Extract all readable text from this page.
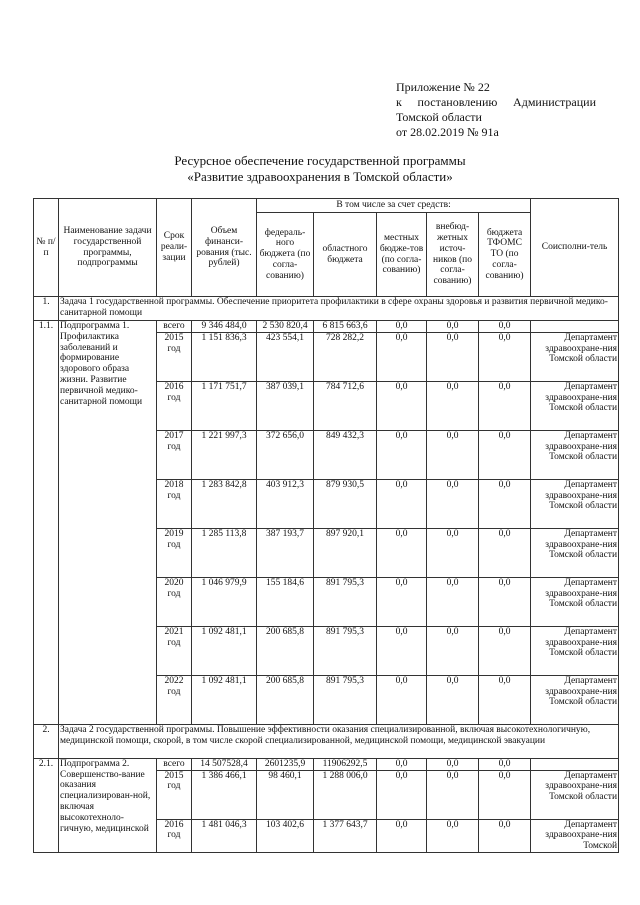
Приложение № 22
к постановлению Администрации
Томской области
от 28.02.2019 № 91а
Ресурсное обеспечение государственной программы
«Развитие здравоохранения в Томской области»
№ п/п	Наименование задачи государственной программы, подпрограммы	Срок реали-зации	Объем финанси-рования (тыс. рублей)	В том числе за счет средств:					Соисполни-тель
				федераль-ного бюджета (по согла-сованию)	областного бюджета	местных бюдже-тов (по согла-сованию)	внебюд-жетных источ-ников (по согла-сованию)	бюджета ТФОМС ТО (по согла-сованию)	
1.	Задача 1 государственной программы. Обеспечение приоритета профилактики в сфере охраны здоровья и развития первичной медико-санитарной помощи								
1.1.	Подпрограмма 1. Профилактика заболеваний и формирование здорового образа жизни. Развитие первичной медико-санитарной помощи	всего	9 346 484,0	2 530 820,4	6 815 663,6	0,0	0,0	0,0	
		2015 год	1 151 836,3	423 554,1	728 282,2	0,0	0,0	0,0	Департамент здравоохране-ния Томской области
		2016 год	1 171 751,7	387 039,1	784 712,6	0,0	0,0	0,0	Департамент здравоохране-ния Томской области
		2017 год	1 221 997,3	372 656,0	849 432,3	0,0	0,0	0,0	Департамент здравоохране-ния Томской области
		2018 год	1 283 842,8	403 912,3	879 930,5	0,0	0,0	0,0	Департамент здравоохране-ния Томской области
		2019 год	1 285 113,8	387 193,7	897 920,1	0,0	0,0	0,0	Департамент здравоохране-ния Томской области
		2020 год	1 046 979,9	155 184,6	891 795,3	0,0	0,0	0,0	Департамент здравоохране-ния Томской области
		2021 год	1 092 481,1	200 685,8	891 795,3	0,0	0,0	0,0	Департамент здравоохране-ния Томской области
		2022 год	1 092 481,1	200 685,8	891 795,3	0,0	0,0	0,0	Департамент здравоохране-ния Томской области
2.	Задача 2 государственной программы. Повышение эффективности оказания специализированной, включая высокотехнологичную, медицинской помощи, скорой, в том числе скорой специализированной, медицинской помощи, медицинской эвакуации								
2.1.	Подпрограмма 2. Совершенство-вание оказания специализирован-ной, включая высокотехноло-гичную, медицинской	всего	14 507528,4	2601235,9	11906292,5	0,0	0,0	0,0	
		2015 год	1 386 466,1	98 460,1	1 288 006,0	0,0	0,0	0,0	Департамент здравоохране-ния Томской области
		2016 год	1 481 046,3	103 402,6	1 377 643,7	0,0	0,0	0,0	Департамент здравоохране-ния Томской
